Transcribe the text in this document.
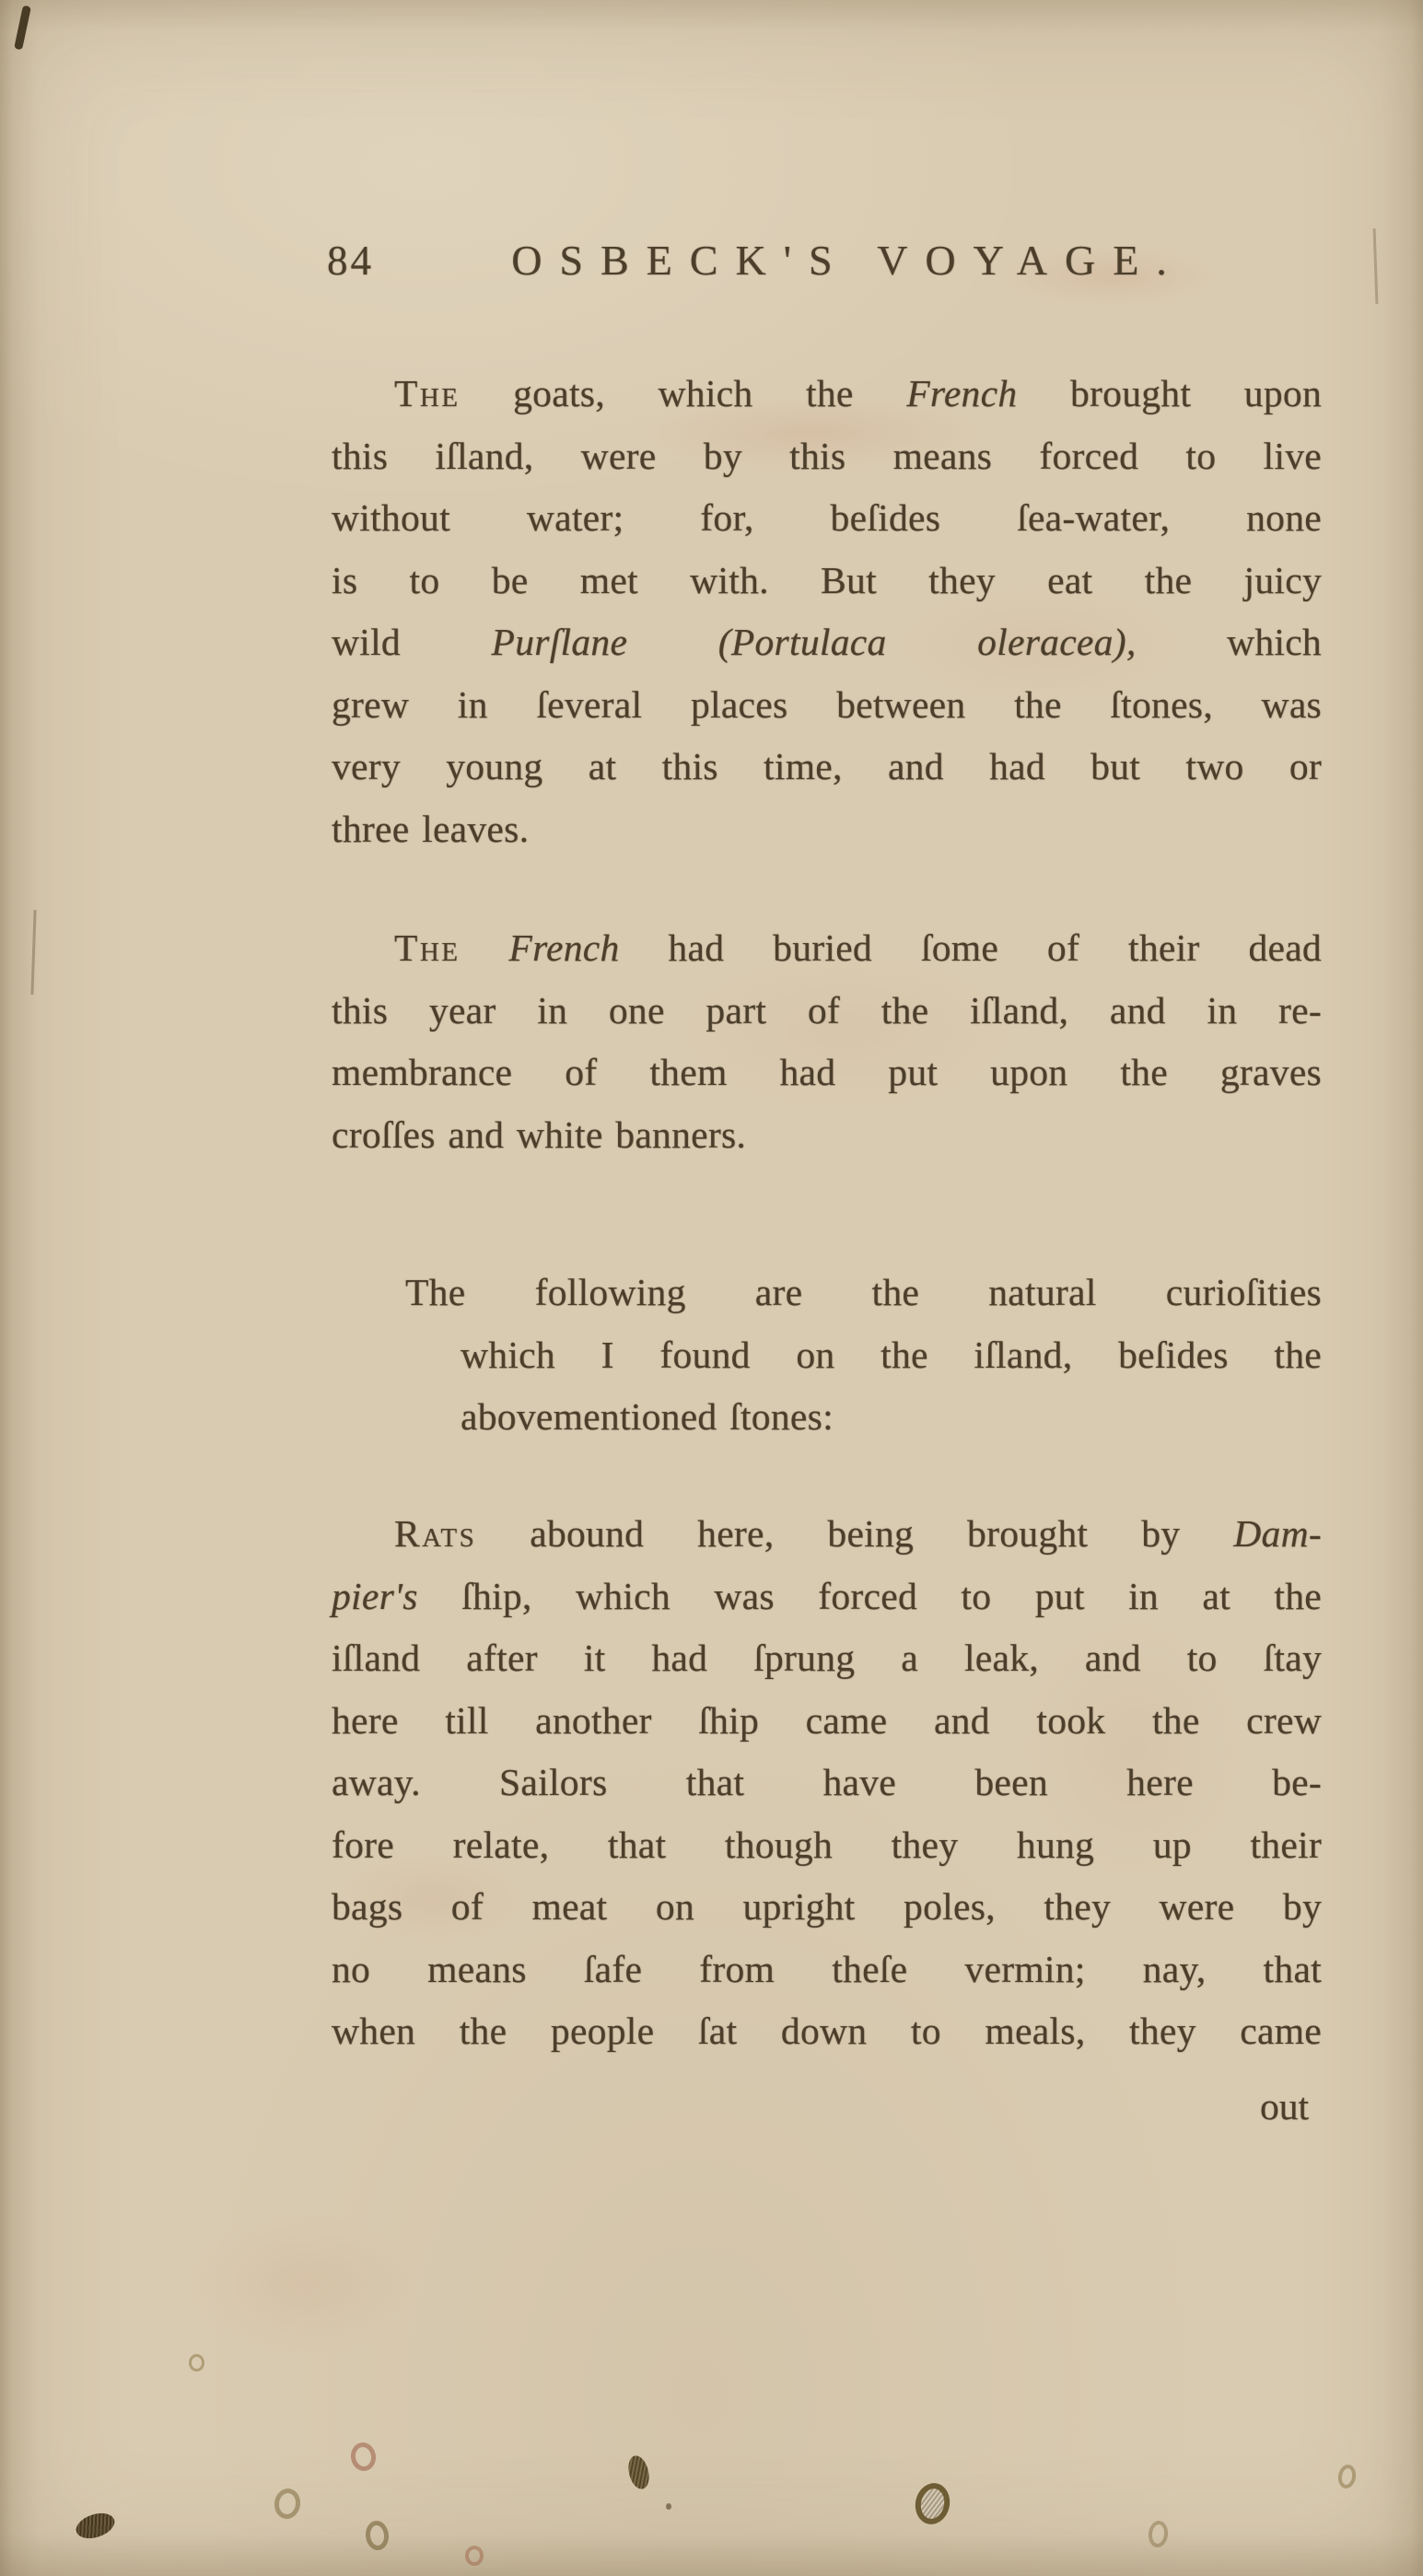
84	OSBECK'S VOYAGE.
The goats, which the French brought upon
this iſland, were by this means forced to live
without water; for, beſides ſea-water, none
is to be met with. But they eat the juicy
wild Purſlane (Portulaca oleracea), which
grew in ſeveral places between the ſtones, was
very young at this time, and had but two or
three leaves.
The French had buried ſome of their dead
this year in one part of the iſland, and in re-
membrance of them had put upon the graves
croſſes and white banners.
The following are the natural curioſities
which I found on the iſland, beſides the
abovementioned ſtones:
Rats abound here, being brought by Dam-
pier's ſhip, which was forced to put in at the
iſland after it had ſprung a leak, and to ſtay
here till another ſhip came and took the crew
away. Sailors that have been here be-
fore relate, that though they hung up their
bags of meat on upright poles, they were by
no means ſafe from theſe vermin; nay, that
when the people ſat down to meals, they came
out
